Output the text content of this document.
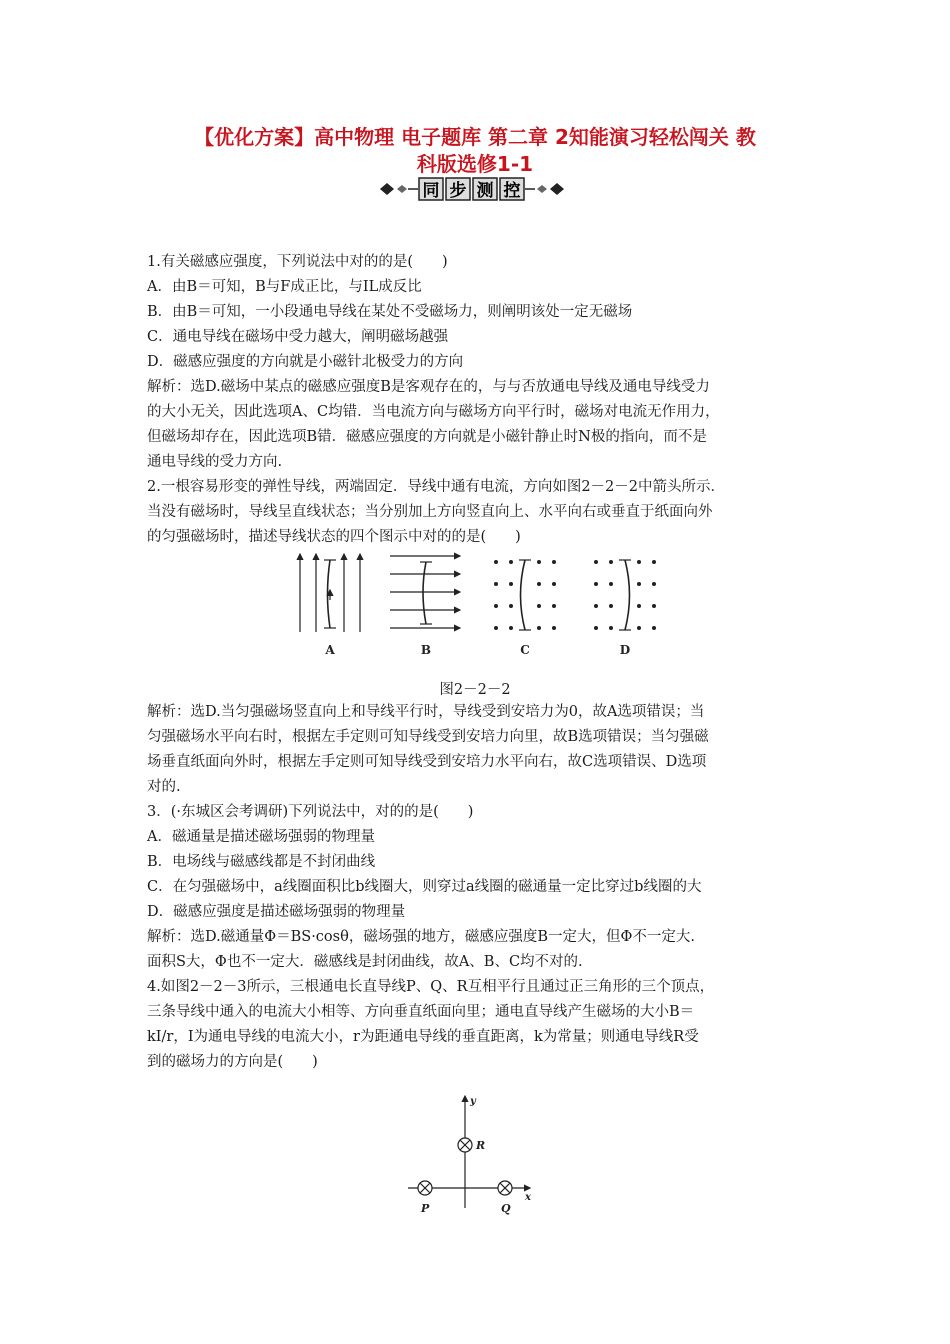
【优化方案】高中物理 电子题库 第二章 2知能演习轻松闯关 教
科版选修1-1
同 步 测 控
1.有关磁感应强度，下列说法中对的的是(　　)
A．由B＝可知，B与F成正比，与IL成反比
B．由B＝可知，一小段通电导线在某处不受磁场力，则阐明该处一定无磁场
C．通电导线在磁场中受力越大，阐明磁场越强
D．磁感应强度的方向就是小磁针北极受力的方向
解析：选D.磁场中某点的磁感应强度B是客观存在的，与与否放通电导线及通电导线受力
的大小无关，因此选项A、C均错．当电流方向与磁场方向平行时，磁场对电流无作用力，
但磁场却存在，因此选项B错．磁感应强度的方向就是小磁针静止时N极的指向，而不是
通电导线的受力方向.
2.一根容易形变的弹性导线，两端固定．导线中通有电流，方向如图2－2－2中箭头所示．
当没有磁场时，导线呈直线状态；当分别加上方向竖直向上、水平向右或垂直于纸面向外
的匀强磁场时，描述导线状态的四个图示中对的的是(　　)
A	B	C	D
图2－2－2
解析：选D.当匀强磁场竖直向上和导线平行时，导线受到安培力为0，故A选项错误；当
匀强磁场水平向右时，根据左手定则可知导线受到安培力向里，故B选项错误；当匀强磁
场垂直纸面向外时，根据左手定则可知导线受到安培力水平向右，故C选项错误、D选项
对的.
3．(·东城区会考调研)下列说法中，对的的是(　　)
A．磁通量是描述磁场强弱的物理量
B．电场线与磁感线都是不封闭曲线
C．在匀强磁场中，a线圈面积比b线圈大，则穿过a线圈的磁通量一定比穿过b线圈的大
D．磁感应强度是描述磁场强弱的物理量
解析：选D.磁通量Φ＝BS·cosθ，磁场强的地方，磁感应强度B一定大，但Φ不一定大.
面积S大，Φ也不一定大．磁感线是封闭曲线，故A、B、C均不对的.
4.如图2－2－3所示，三根通电长直导线P、Q、R互相平行且通过正三角形的三个顶点，
三条导线中通入的电流大小相等、方向垂直纸面向里；通电直导线产生磁场的大小B＝
kI/r，I为通电导线的电流大小，r为距通电导线的垂直距离，k为常量；则通电导线R受
到的磁场力的方向是(　　)
y
x
R
P	Q
